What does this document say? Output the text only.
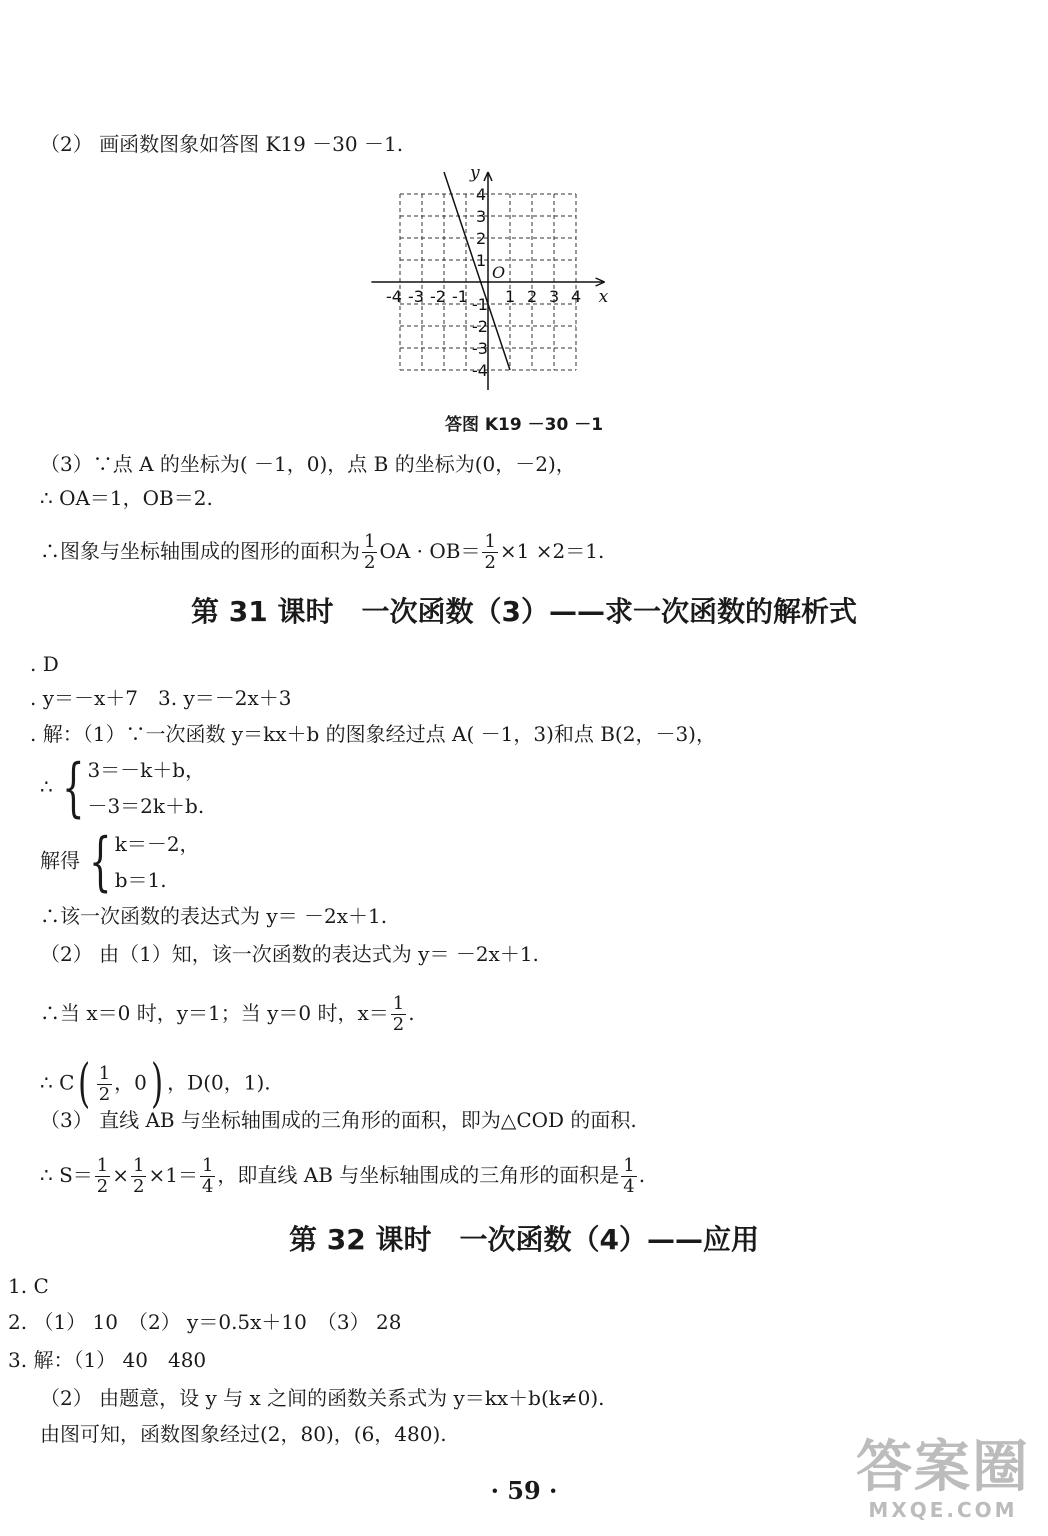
（2） 画函数图象如答图 K19 －30 －1.
-4 -3 -2 -1 1 2 3 4
4
3
2
1
-1
-2
-3
-4
x
y
O
答图 K19 －30 －1
（3）∵点 A 的坐标为( －1，0)，点 B 的坐标为(0，－2)，
∴ OA＝1，OB＝2.
∴图象与坐标轴围成的图形的面积为 $\frac{1}{2}$ OA · $OB= \frac{1}{2} \times 1 \times 2=1$.
第 31 课时　一次函数（3）——求一次函数的解析式
. D
. y＝－x＋7　3. y＝－2x＋3
. 解：（1）∵一次函数 y＝kx＋b 的图象经过点 A( －1，3)和点 B(2，－3)，
∴ { 3＝－k＋b，
－3＝2k＋b.
解得 { k＝－2，
b＝1.
∴该一次函数的表达式为 y＝ －2x＋1.
（2） 由（1）知，该一次函数的表达式为 y＝ －2x＋1.
∴当 x＝0 时，y＝1；当 y＝0 时，$x= \frac{1}{2}$ .
∴ $C( \frac{1}{2}$ ，0) ，D(0，1).
（3） 直线 AB 与坐标轴围成的三角形的面积，即为△COD 的面积.
∴ $S= \frac{1}{2} \times \frac{1}{2} \times 1= \frac{1}{4}$ ，即直线 AB 与坐标轴围成的三角形的面积是 $\frac{1}{4}$ .
第 32 课时　一次函数（4）——应用
1. C
2. （1） 10　（2） y＝0.5x＋10　（3） 28
3. 解：（1） 40　480
（2） 由题意，设 y 与 x 之间的函数关系式为 y＝kx＋b(k≠0).
由图可知，函数图象经过(2，80)，(6，480).
· 59 ·	答案圈
MXQE.COM
